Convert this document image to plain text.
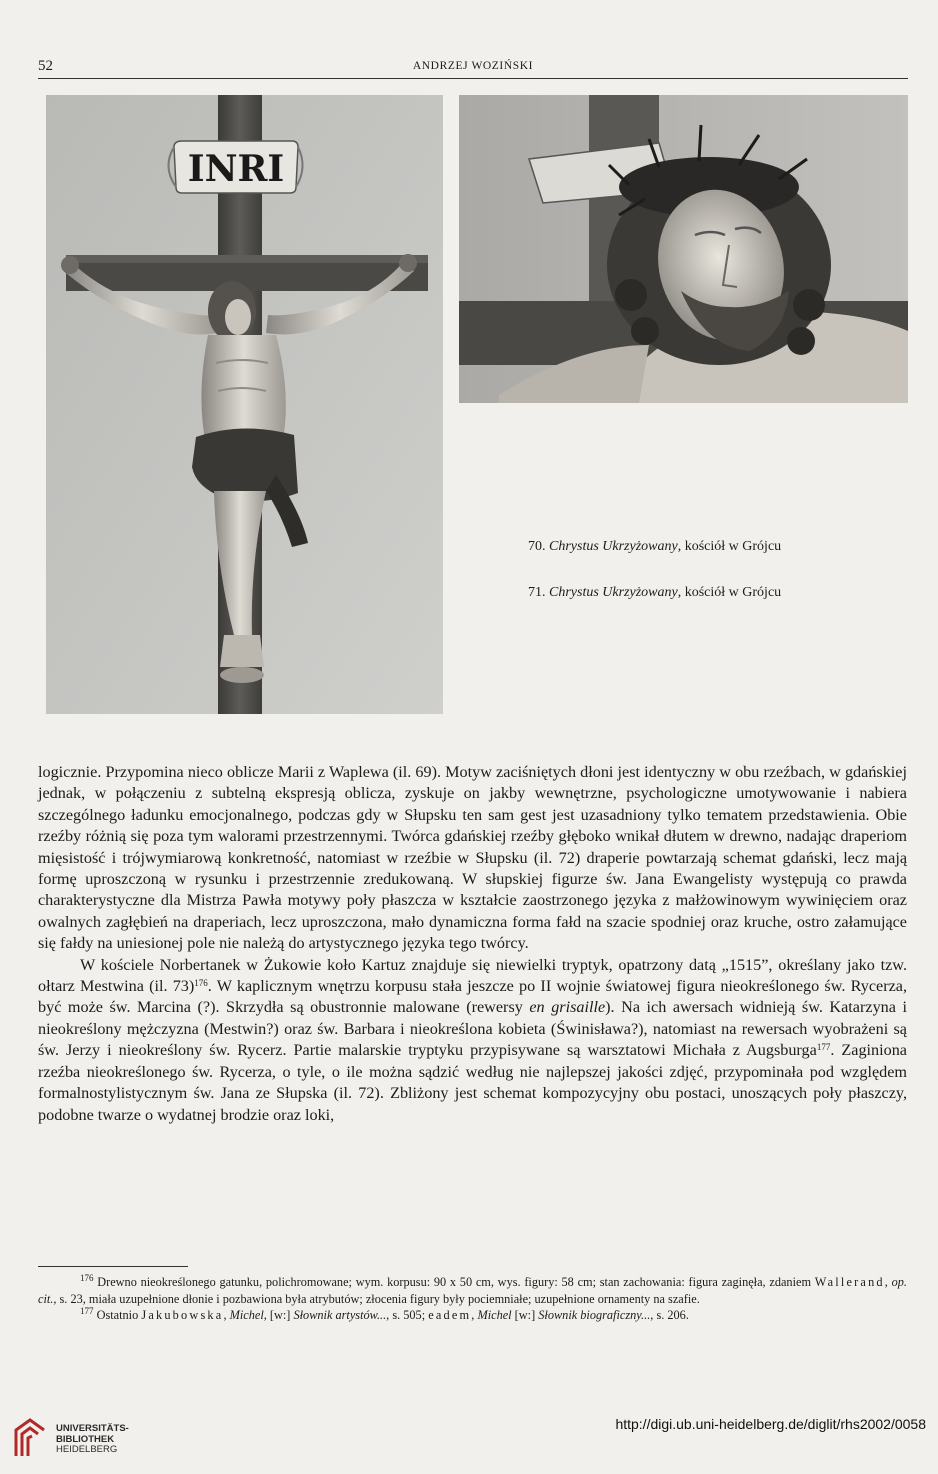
52	ANDRZEJ WOZIŃSKI
INRI
70. Chrystus Ukrzyżowany, kościół w Grójcu
71. Chrystus Ukrzyżowany, kościół w Grójcu

logicznie. Przypomina nieco oblicze Marii z Waplewa (il. 69). Motyw zaciśniętych dłoni jest identyczny w obu rzeźbach, w gdańskiej jednak, w połączeniu z subtelną ekspresją oblicza, zyskuje on jakby wewnętrzne, psychologiczne umotywowanie i nabiera szczególnego ładunku emocjonalnego, podczas gdy w Słupsku ten sam gest jest uzasadniony tylko tematem przedstawienia. Obie rzeźby różnią się poza tym walorami przestrzennymi. Twórca gdańskiej rzeźby głęboko wnikał dłutem w drewno, nadając draperiom mięsistość i trójwymiarową konkretność, natomiast w rzeźbie w Słupsku (il. 72) draperie powtarzają schemat gdański, lecz mają formę uproszczoną w rysunku i przestrzennie zredukowaną. W słupskiej figurze św. Jana Ewangelisty występują co prawda charakterystyczne dla Mistrza Pawła motywy poły płaszcza w kształcie zaostrzonego języka z małżowinowym wywinięciem oraz owalnych zagłębień na draperiach, lecz uproszczona, mało dynamiczna forma fałd na szacie spodniej oraz kruche, ostro załamujące się fałdy na uniesionej pole nie należą do artystycznego języka tego twórcy.

W kościele Norbertanek w Żukowie koło Kartuz znajduje się niewielki tryptyk, opatrzony datą „1515”, określany jako tzw. ołtarz Mestwina (il. 73)$^{176}$. W kaplicznym wnętrzu korpusu stała jeszcze po II wojnie światowej figura nieokreślonego św. Rycerza, być może św. Marcina (?). Skrzydła są obustronnie malowane (rewersy en grisaille). Na ich awersach widnieją św. Katarzyna i nieokreślony mężczyzna (Mestwin?) oraz św. Barbara i nieokreślona kobieta (Świnisława?), natomiast na rewersach wyobrażeni są św. Jerzy i nieokreślony św. Rycerz. Partie malarskie tryptyku przypisywane są warsztatowi Michała z Augsburga$^{177}$. Zaginiona rzeźba nieokreślonego św. Rycerza, o tyle, o ile można sądzić według nie najlepszej jakości zdjęć, przypominała pod względem formalnostylistycznym św. Jana ze Słupska (il. 72). Zbliżony jest schemat kompozycyjny obu postaci, unoszących poły płaszczy, podobne twarze o wydatnej brodzie oraz loki,

$^{176}$ Drewno nieokreślonego gatunku, polichromowane; wym. korpusu: 90 x 50 cm, wys. figury: 58 cm; stan zachowania: figura zaginęła, zdaniem Wallerand, op. cit., s. 23, miała uzupełnione dłonie i pozbawiona była atrybutów; złocenia figury były pociemniałe; uzupełnione ornamenty na szafie.

$^{177}$ Ostatnio Jakubowska, Michel, [w:] Słownik artystów..., s. 505; eadem, Michel [w:] Słownik biograficzny..., s. 206.

UNIVERSITÄTS-
BIBLIOTHEK
HEIDELBERG
http://digi.ub.uni-heidelberg.de/diglit/rhs2002/0058
